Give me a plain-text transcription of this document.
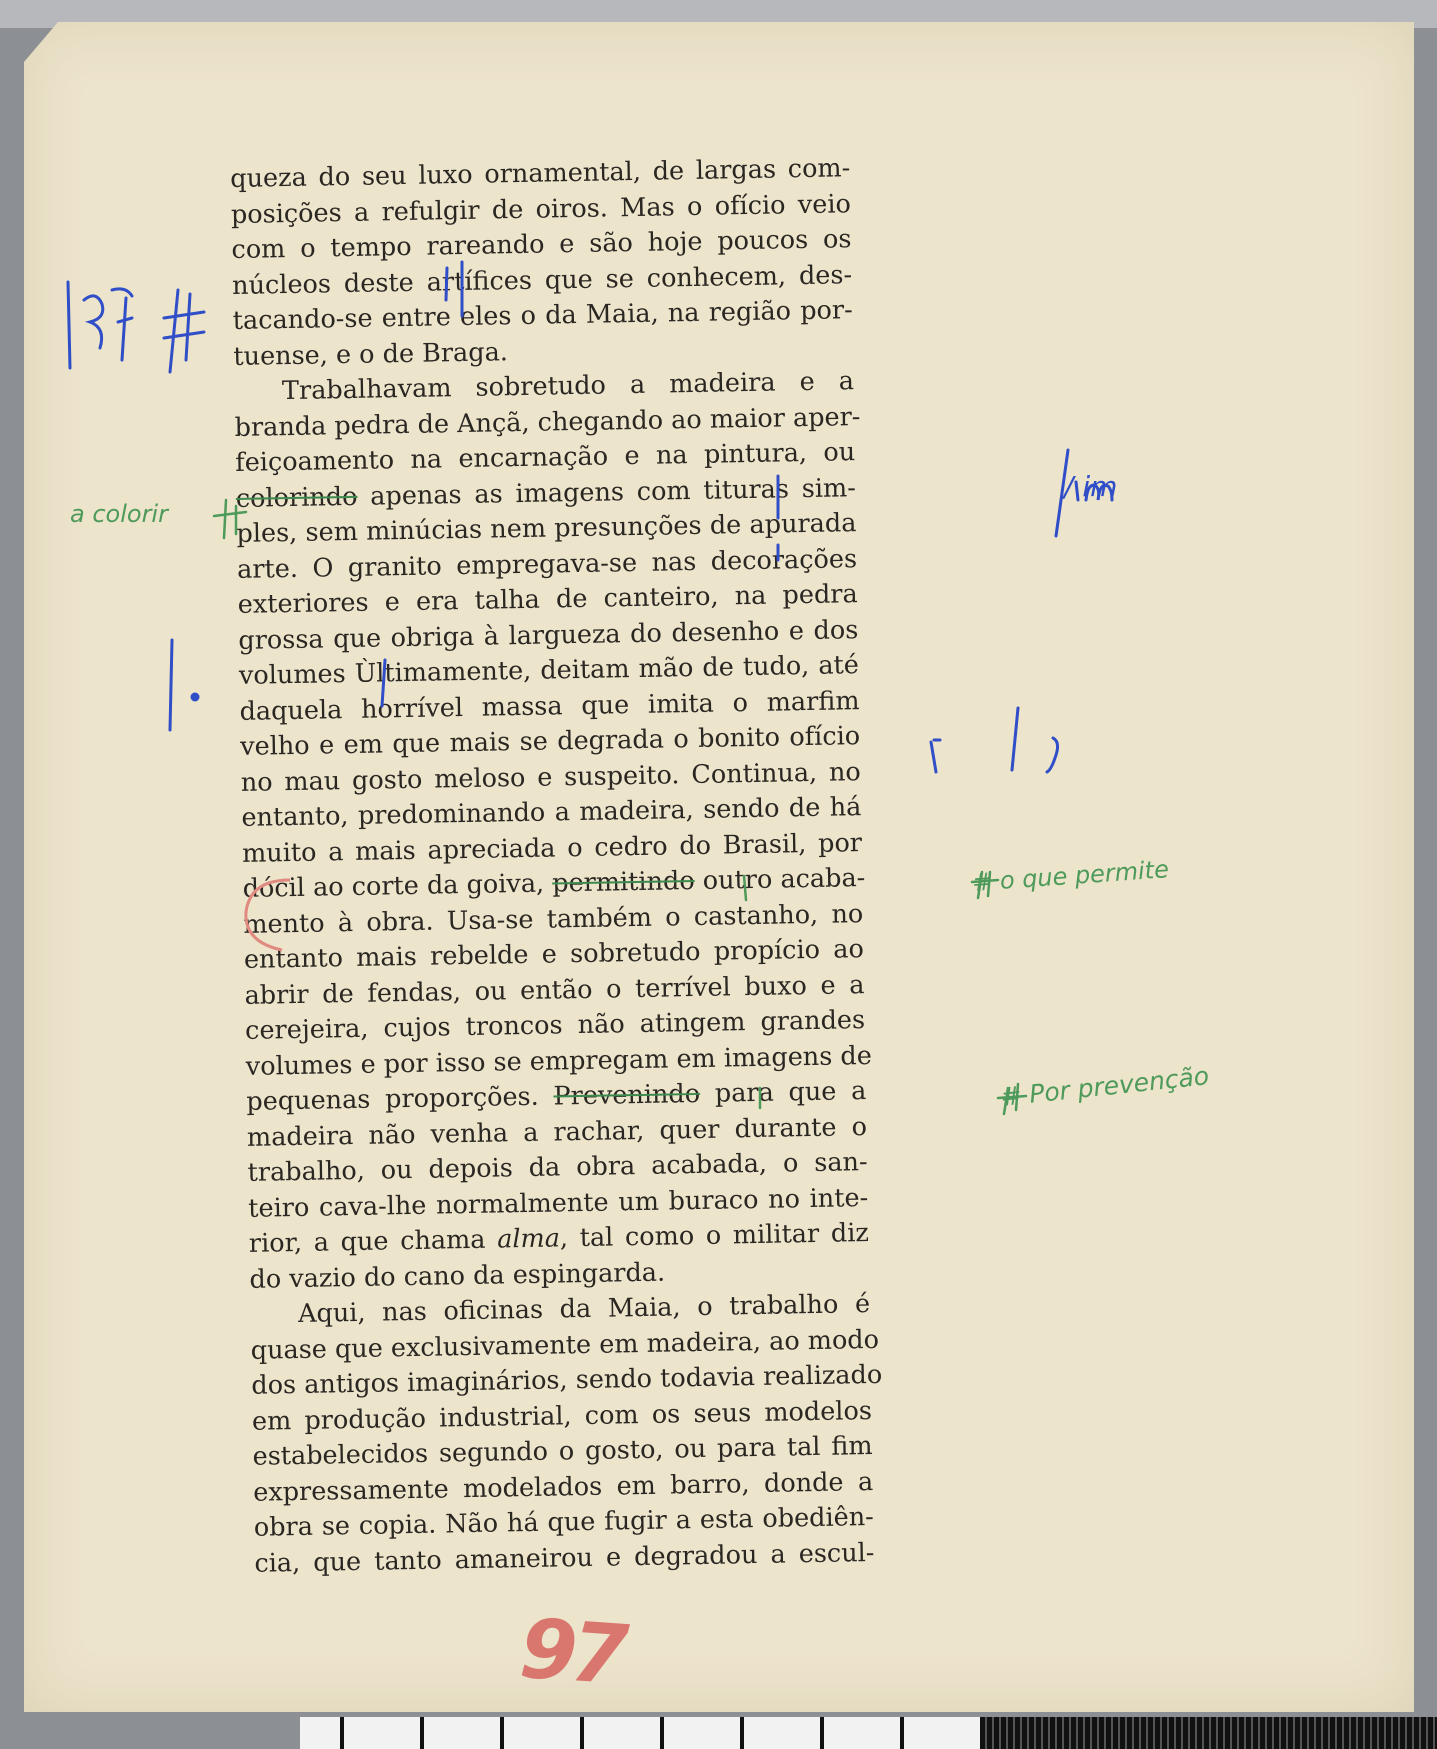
queza do seu luxo ornamental, de largas com-
posições a refulgir de oiros. Mas o ofício veio
com o tempo rareando e são hoje poucos os
núcleos deste artífices que se conhecem, des-
tacando-se entre eles o da Maia, na região por-
tuense, e o de Braga.
Trabalhavam sobretudo a madeira e a
branda pedra de Ançã, chegando ao maior aper-
feiçoamento na encarnação e na pintura, ou
colorindo apenas as imagens com tituras sim-
ples, sem minúcias nem presunções de apurada
arte. O granito empregava-se nas decorações
exteriores e era talha de canteiro, na pedra
grossa que obriga à largueza do desenho e dos
volumes Ùltimamente, deitam mão de tudo, até
daquela horrível massa que imita o marfim
velho e em que mais se degrada o bonito ofício
no mau gosto meloso e suspeito. Continua, no
entanto, predominando a madeira, sendo de há
muito a mais apreciada o cedro do Brasil, por
dócil ao corte da goiva, permitindo outro acaba-
mento à obra. Usa-se também o castanho, no
entanto mais rebelde e sobretudo propício ao
abrir de fendas, ou então o terrível buxo e a
cerejeira, cujos troncos não atingem grandes
volumes e por isso se empregam em imagens de
pequenas proporções. Prevenindo para que a
madeira não venha a rachar, quer durante o
trabalho, ou depois da obra acabada, o san-
teiro cava-lhe normalmente um buraco no inte-
rior, a que chama alma, tal como o militar diz
do vazio do cano da espingarda.
Aqui, nas oficinas da Maia, o trabalho é
quase que exclusivamente em madeira, ao modo
dos antigos imaginários, sendo todavia realizado
em produção industrial, com os seus modelos
estabelecidos segundo o gosto, ou para tal fim
expressamente modelados em barro, donde a
obra se copia. Não há que fugir a esta obediên-
cia, que tanto amaneirou e degradou a escul-
a colorir
/ im
# o que permite
# Por prevenção
97
